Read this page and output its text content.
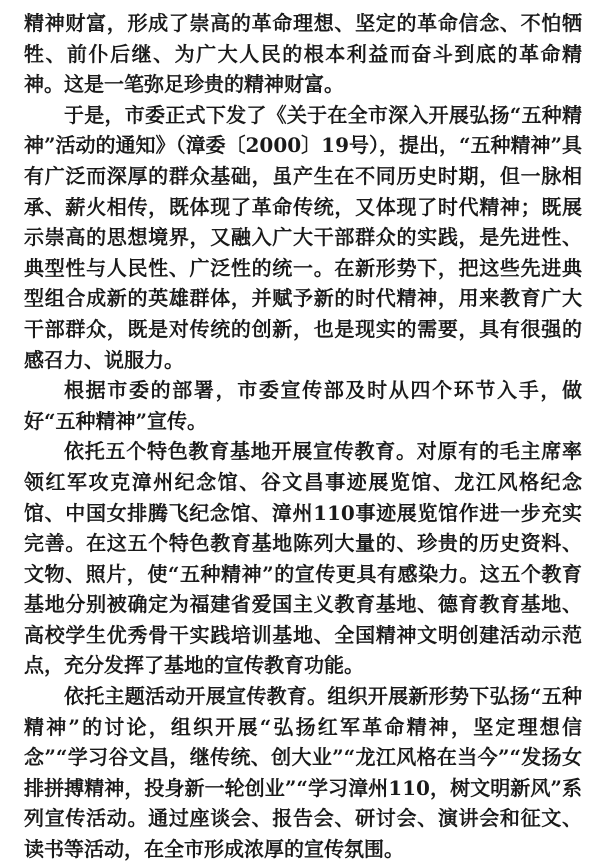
精神财富，形成了崇高的革命理想、坚定的革命信念、不怕牺牲、前仆后继、为广大人民的根本利益而奋斗到底的革命精神。这是一笔弥足珍贵的精神财富。

于是，市委正式下发了《关于在全市深入开展弘扬“五种精神”活动的通知》（漳委〔2000〕19号），提出，“五种精神”具有广泛而深厚的群众基础，虽产生在不同历史时期，但一脉相承、薪火相传，既体现了革命传统，又体现了时代精神；既展示崇高的思想境界，又融入广大干部群众的实践，是先进性、典型性与人民性、广泛性的统一。在新形势下，把这些先进典型组合成新的英雄群体，并赋予新的时代精神，用来教育广大干部群众，既是对传统的创新，也是现实的需要，具有很强的感召力、说服力。

根据市委的部署，市委宣传部及时从四个环节入手，做好“五种精神”宣传。

依托五个特色教育基地开展宣传教育。对原有的毛主席率领红军攻克漳州纪念馆、谷文昌事迹展览馆、龙江风格纪念馆、中国女排腾飞纪念馆、漳州110事迹展览馆作进一步充实完善。在这五个特色教育基地陈列大量的、珍贵的历史资料、文物、照片，使“五种精神”的宣传更具有感染力。这五个教育基地分别被确定为福建省爱国主义教育基地、德育教育基地、高校学生优秀骨干实践培训基地、全国精神文明创建活动示范点，充分发挥了基地的宣传教育功能。

依托主题活动开展宣传教育。组织开展新形势下弘扬“五种精神”的讨论，组织开展“弘扬红军革命精神，坚定理想信念”“学习谷文昌，继传统、创大业”“龙江风格在当今”“发扬女排拼搏精神，投身新一轮创业”“学习漳州110，树文明新风”系列宣传活动。通过座谈会、报告会、研讨会、演讲会和征文、读书等活动，在全市形成浓厚的宣传氛围。
